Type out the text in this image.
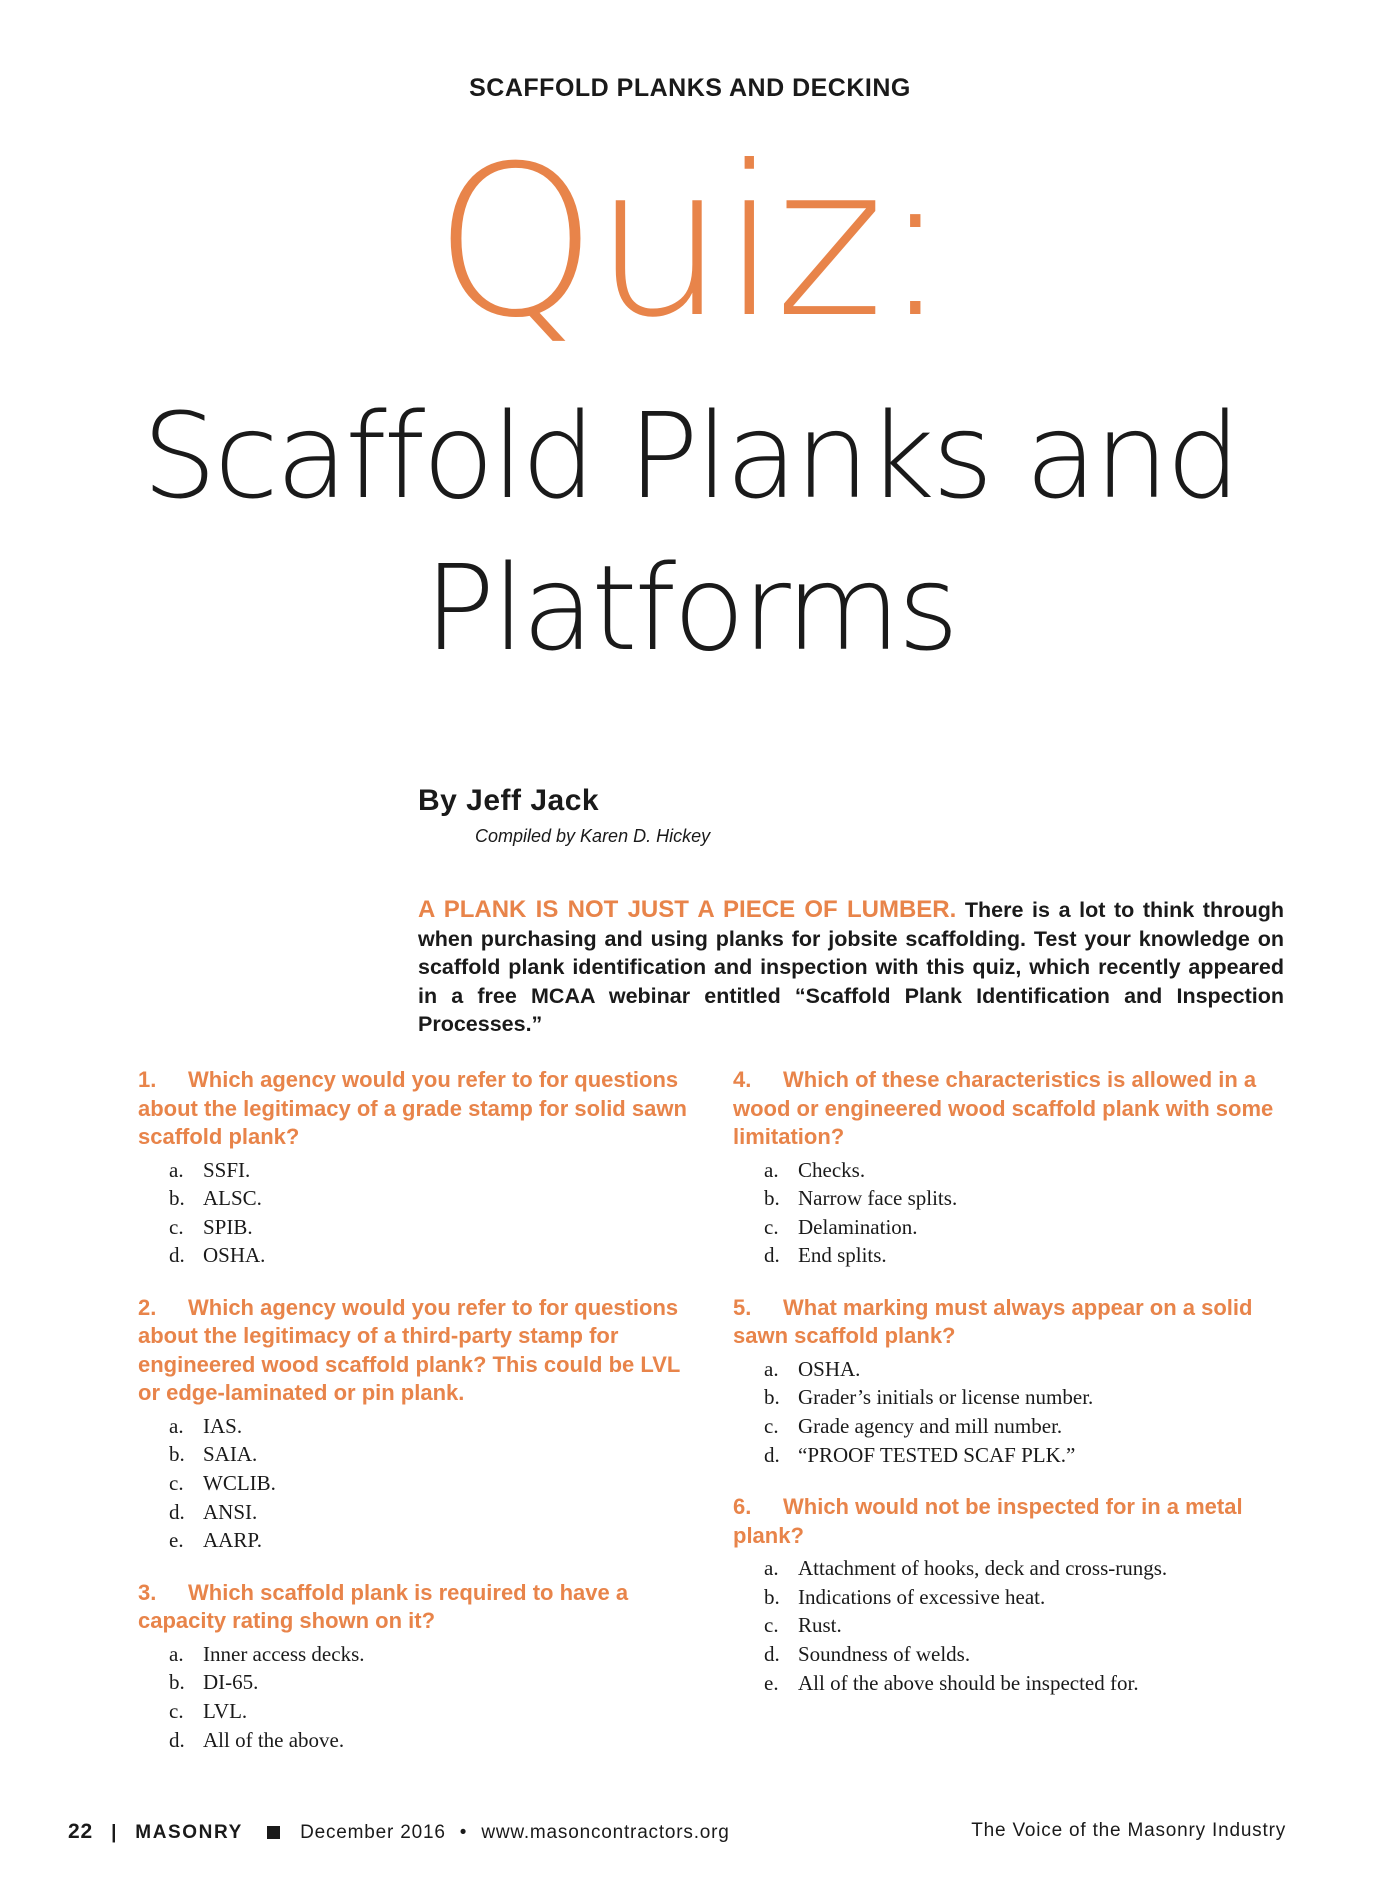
SCAFFOLD PLANKS AND DECKING
Quiz:
Scaffold Planks and
Platforms
By Jeff Jack
Compiled by Karen D. Hickey
A PLANK IS NOT JUST A PIECE OF LUMBER. There is a lot to think through when purchasing and using planks for jobsite scaffolding. Test your knowledge on scaffold plank identification and inspection with this quiz, which recently appeared in a free MCAA webinar entitled “Scaffold Plank Identification and Inspection Processes.”
1. Which agency would you refer to for questions about the legitimacy of a grade stamp for solid sawn scaffold plank?
a. SSFI.
b. ALSC.
c. SPIB.
d. OSHA.
2. Which agency would you refer to for questions about the legitimacy of a third-party stamp for engineered wood scaffold plank? This could be LVL or edge-laminated or pin plank.
a. IAS.
b. SAIA.
c. WCLIB.
d. ANSI.
e. AARP.
3. Which scaffold plank is required to have a capacity rating shown on it?
a. Inner access decks.
b. DI-65.
c. LVL.
d. All of the above.
4. Which of these characteristics is allowed in a wood or engineered wood scaffold plank with some limitation?
a. Checks.
b. Narrow face splits.
c. Delamination.
d. End splits.
5. What marking must always appear on a solid sawn scaffold plank?
a. OSHA.
b. Grader’s initials or license number.
c. Grade agency and mill number.
d. “PROOF TESTED SCAF PLK.”
6. Which would not be inspected for in a metal plank?
a. Attachment of hooks, deck and cross-rungs.
b. Indications of excessive heat.
c. Rust.
d. Soundness of welds.
e. All of the above should be inspected for.
22 | MASONRY	December 2016 • www.masoncontractors.org	The Voice of the Masonry Industry
